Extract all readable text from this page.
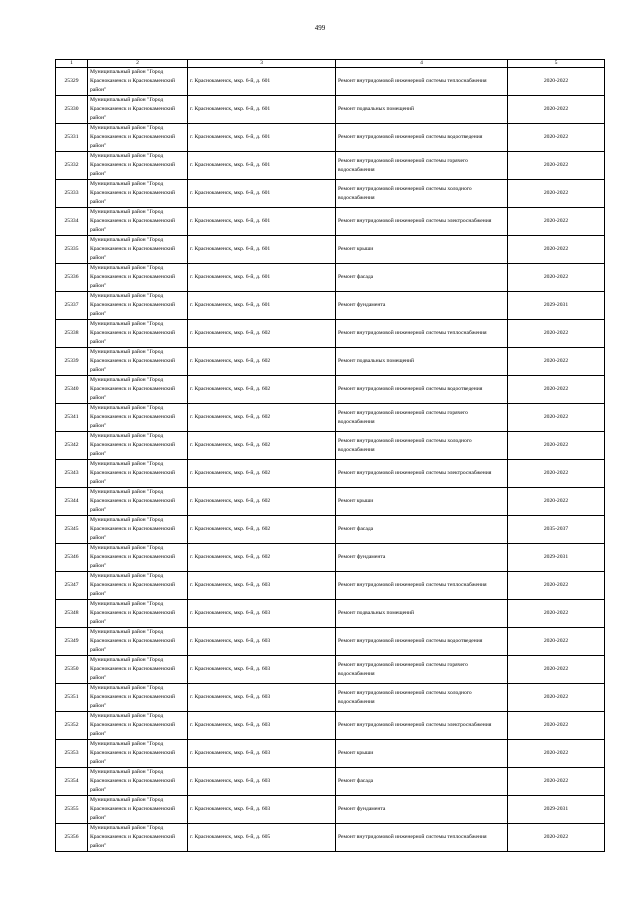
499
1	2	3	4	5
25329	Муниципальный район "Город Краснокаменск и Краснокаменский район"	г. Краснокаменск, мкр. 6-й, д. 601	Ремонт внутридомовой инженерной системы теплоснабжения	2020-2022
25330	Муниципальный район "Город Краснокаменск и Краснокаменский район"	г. Краснокаменск, мкр. 6-й, д. 601	Ремонт подвальных помещений	2020-2022
25331	Муниципальный район "Город Краснокаменск и Краснокаменский район"	г. Краснокаменск, мкр. 6-й, д. 601	Ремонт внутридомовой инженерной системы водоотведения	2020-2022
25332	Муниципальный район "Город Краснокаменск и Краснокаменский район"	г. Краснокаменск, мкр. 6-й, д. 601	Ремонт внутридомовой инженерной системы горячего водоснабжения	2020-2022
25333	Муниципальный район "Город Краснокаменск и Краснокаменский район"	г. Краснокаменск, мкр. 6-й, д. 601	Ремонт внутридомовой инженерной системы холодного водоснабжения	2020-2022
25334	Муниципальный район "Город Краснокаменск и Краснокаменский район"	г. Краснокаменск, мкр. 6-й, д. 601	Ремонт внутридомовой инженерной системы электроснабжения	2020-2022
25335	Муниципальный район "Город Краснокаменск и Краснокаменский район"	г. Краснокаменск, мкр. 6-й, д. 601	Ремонт крыши	2020-2022
25336	Муниципальный район "Город Краснокаменск и Краснокаменский район"	г. Краснокаменск, мкр. 6-й, д. 601	Ремонт фасада	2020-2022
25337	Муниципальный район "Город Краснокаменск и Краснокаменский район"	г. Краснокаменск, мкр. 6-й, д. 601	Ремонт фундамента	2029-2031
25338	Муниципальный район "Город Краснокаменск и Краснокаменский район"	г. Краснокаменск, мкр. 6-й, д. 602	Ремонт внутридомовой инженерной системы теплоснабжения	2020-2022
25339	Муниципальный район "Город Краснокаменск и Краснокаменский район"	г. Краснокаменск, мкр. 6-й, д. 602	Ремонт подвальных помещений	2020-2022
25340	Муниципальный район "Город Краснокаменск и Краснокаменский район"	г. Краснокаменск, мкр. 6-й, д. 602	Ремонт внутридомовой инженерной системы водоотведения	2020-2022
25341	Муниципальный район "Город Краснокаменск и Краснокаменский район"	г. Краснокаменск, мкр. 6-й, д. 602	Ремонт внутридомовой инженерной системы горячего водоснабжения	2020-2022
25342	Муниципальный район "Город Краснокаменск и Краснокаменский район"	г. Краснокаменск, мкр. 6-й, д. 602	Ремонт внутридомовой инженерной системы холодного водоснабжения	2020-2022
25343	Муниципальный район "Город Краснокаменск и Краснокаменский район"	г. Краснокаменск, мкр. 6-й, д. 602	Ремонт внутридомовой инженерной системы электроснабжения	2020-2022
25344	Муниципальный район "Город Краснокаменск и Краснокаменский район"	г. Краснокаменск, мкр. 6-й, д. 602	Ремонт крыши	2020-2022
25345	Муниципальный район "Город Краснокаменск и Краснокаменский район"	г. Краснокаменск, мкр. 6-й, д. 602	Ремонт фасада	2035-2037
25346	Муниципальный район "Город Краснокаменск и Краснокаменский район"	г. Краснокаменск, мкр. 6-й, д. 602	Ремонт фундамента	2029-2031
25347	Муниципальный район "Город Краснокаменск и Краснокаменский район"	г. Краснокаменск, мкр. 6-й, д. 603	Ремонт внутридомовой инженерной системы теплоснабжения	2020-2022
25348	Муниципальный район "Город Краснокаменск и Краснокаменский район"	г. Краснокаменск, мкр. 6-й, д. 603	Ремонт подвальных помещений	2020-2022
25349	Муниципальный район "Город Краснокаменск и Краснокаменский район"	г. Краснокаменск, мкр. 6-й, д. 603	Ремонт внутридомовой инженерной системы водоотведения	2020-2022
25350	Муниципальный район "Город Краснокаменск и Краснокаменский район"	г. Краснокаменск, мкр. 6-й, д. 603	Ремонт внутридомовой инженерной системы горячего водоснабжения	2020-2022
25351	Муниципальный район "Город Краснокаменск и Краснокаменский район"	г. Краснокаменск, мкр. 6-й, д. 603	Ремонт внутридомовой инженерной системы холодного водоснабжения	2020-2022
25352	Муниципальный район "Город Краснокаменск и Краснокаменский район"	г. Краснокаменск, мкр. 6-й, д. 603	Ремонт внутридомовой инженерной системы электроснабжения	2020-2022
25353	Муниципальный район "Город Краснокаменск и Краснокаменский район"	г. Краснокаменск, мкр. 6-й, д. 603	Ремонт крыши	2020-2022
25354	Муниципальный район "Город Краснокаменск и Краснокаменский район"	г. Краснокаменск, мкр. 6-й, д. 603	Ремонт фасада	2020-2022
25355	Муниципальный район "Город Краснокаменск и Краснокаменский район"	г. Краснокаменск, мкр. 6-й, д. 603	Ремонт фундамента	2029-2031
25356	Муниципальный район "Город Краснокаменск и Краснокаменский район"	г. Краснокаменск, мкр. 6-й, д. 605	Ремонт внутридомовой инженерной системы теплоснабжения	2020-2022
